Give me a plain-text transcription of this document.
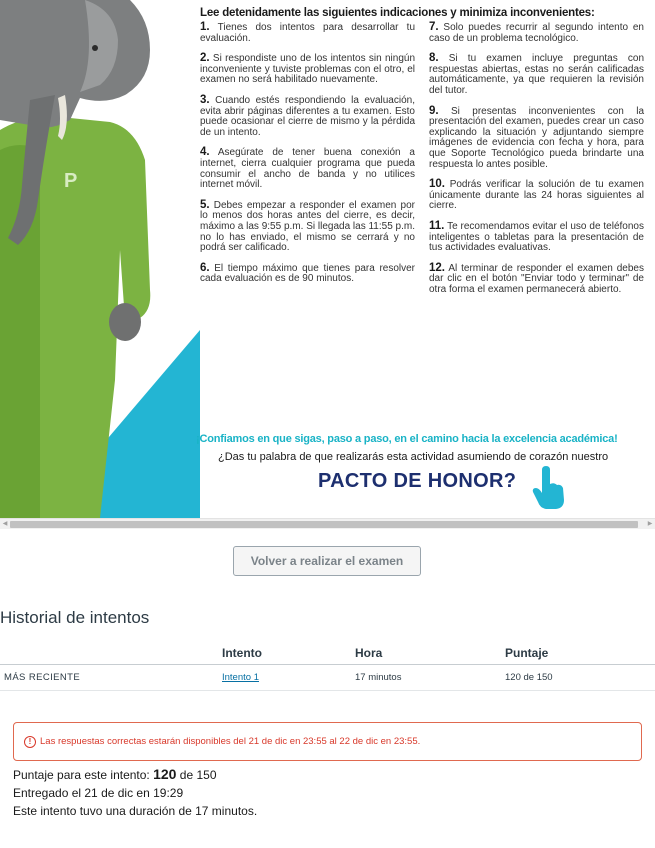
P
Lee detenidamente las siguientes indicaciones y minimiza inconvenientes:

1. Tienes dos intentos para desarrollar tu evaluación.

2. Si respondiste uno de los intentos sin ningún inconveniente y tuviste problemas con el otro, el examen no será habilitado nuevamente.

3. Cuando estés respondiendo la evaluación, evita abrir páginas diferentes a tu examen. Esto puede ocasionar el cierre de mismo y la pérdida de un intento.

4. Asegúrate de tener buena conexión a internet, cierra cualquier programa que pueda consumir el ancho de banda y no utilices internet móvil.

5. Debes empezar a responder el examen por lo menos dos horas antes del cierre, es decir, máximo a las 9:55 p.m. Si llegada las 11:55 p.m. no lo has enviado, el mismo se cerrará y no podrá ser calificado.

6. El tiempo máximo que tienes para resolver cada evaluación es de 90 minutos.

7. Solo puedes recurrir al segundo intento en caso de un problema tecnológico.

8. Si tu examen incluye preguntas con respuestas abiertas, estas no serán calificadas automáticamente, ya que requieren la revisión del tutor.

9. Si presentas inconvenientes con la presentación del examen, puedes crear un caso explicando la situación y adjuntando siempre imágenes de evidencia con fecha y hora, para que Soporte Tecnológico pueda brindarte una respuesta lo antes posible.

10. Podrás verificar la solución de tu examen únicamente durante las 24 horas siguientes al cierre.

11. Te recomendamos evitar el uso de teléfonos inteligentes o tabletas para la presentación de tus actividades evaluativas.

12. Al terminar de responder el examen debes dar clic en el botón "Enviar todo y terminar" de otra forma el examen permanecerá abierto.

¡Confiamos en que sigas, paso a paso, en el camino hacia la excelencia académica!
¿Das tu palabra de que realizarás esta actividad asumiendo de corazón nuestro
PACTO DE HONOR?
◀	▶
Volver a realizar el examen
Historial de intentos
	Intento	Hora	Puntaje
MÁS RECIENTE	Intento 1	17 minutos	120 de 150
! Las respuestas correctas estarán disponibles del 21 de dic en 23:55 al 22 de dic en 23:55.
Puntaje para este intento: 120 de 150
Entregado el 21 de dic en 19:29
Este intento tuvo una duración de 17 minutos.
